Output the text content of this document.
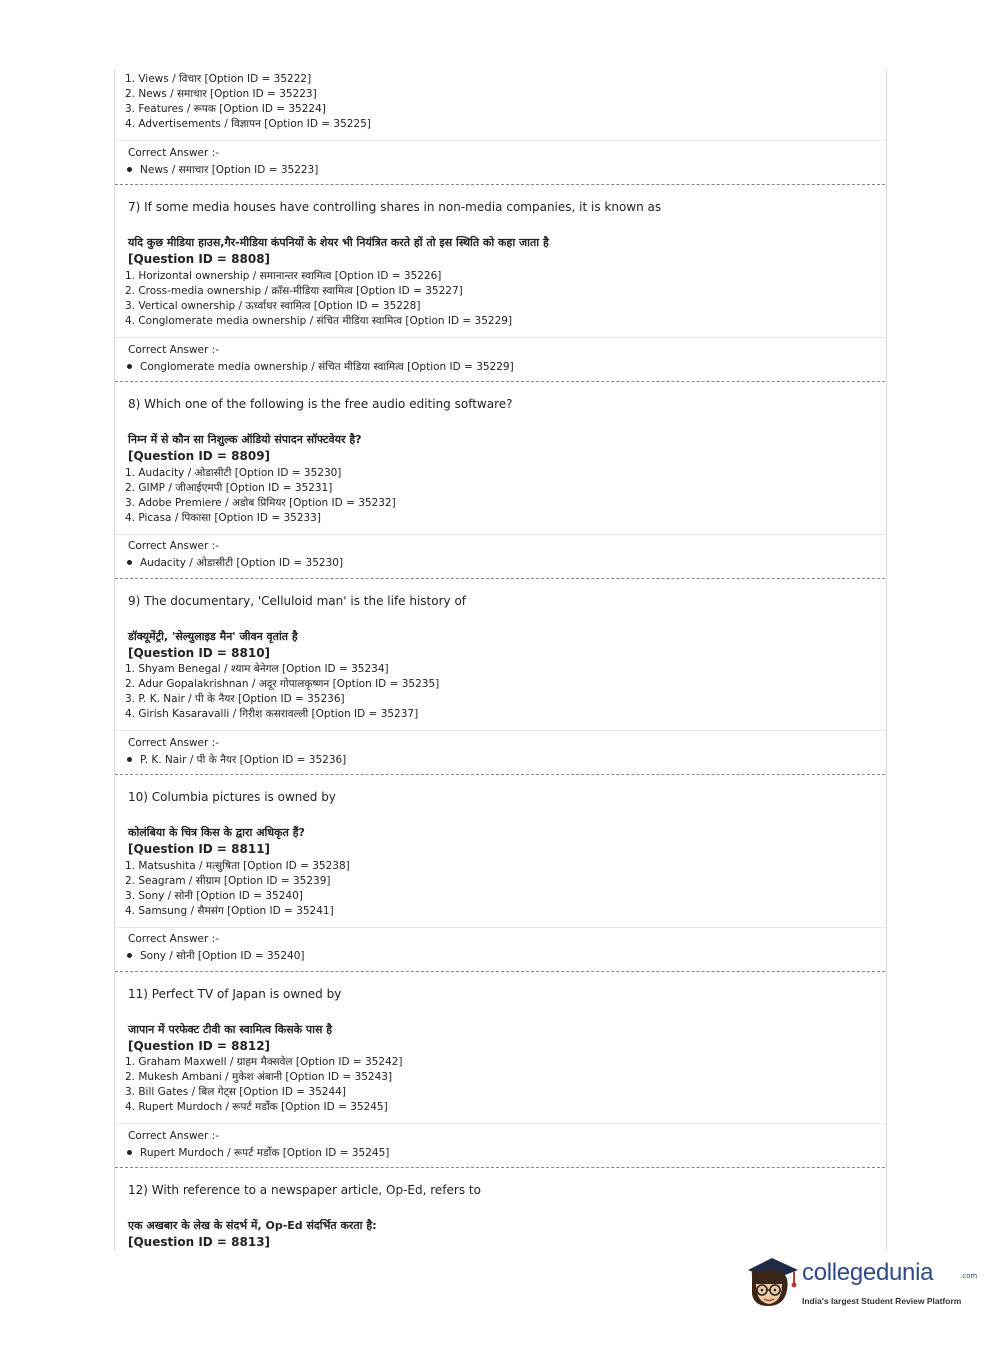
1. Views / विचार [Option ID = 35222]
2. News / समाचार [Option ID = 35223]
3. Features / रूपक [Option ID = 35224]
4. Advertisements / विज्ञापन [Option ID = 35225]
Correct Answer :-
News / समाचार [Option ID = 35223]
7) If some media houses have controlling shares in non-media companies, it is known as
यदि कुछ मीडिया हाउस,गैर-मीडिया कंपनियों के शेयर भी नियंत्रित करते हों तो इस स्थिति को कहा जाता है
[Question ID = 8808]
1. Horizontal ownership / समानान्तर स्वामित्व [Option ID = 35226]
2. Cross-media ownership / क्रॉस-मीडिया स्वामित्व [Option ID = 35227]
3. Vertical ownership / ऊर्ध्वाधर स्वामित्व [Option ID = 35228]
4. Conglomerate media ownership / संचित मीडिया स्वामित्व [Option ID = 35229]
Correct Answer :-
Conglomerate media ownership / संचित मीडिया स्वामित्व [Option ID = 35229]
8) Which one of the following is the free audio editing software?
निम्न में से कौन सा निशुल्क ऑडियो संपादन सॉफ्टवेयर है?
[Question ID = 8809]
1. Audacity / ओडासीटी [Option ID = 35230]
2. GIMP / जीआईएमपी [Option ID = 35231]
3. Adobe Premiere / अडोब प्रिमियर [Option ID = 35232]
4. Picasa / पिकासा [Option ID = 35233]
Correct Answer :-
Audacity / ओडासीटी [Option ID = 35230]
9) The documentary, 'Celluloid man' is the life history of
डॉक्यूमेंट्री, 'सेल्युलाइड मैन' जीवन वृतांत है
[Question ID = 8810]
1. Shyam Benegal / श्याम बेनेगल [Option ID = 35234]
2. Adur Gopalakrishnan / अदूर गोपालकृष्णन [Option ID = 35235]
3. P. K. Nair / पी के नैयर [Option ID = 35236]
4. Girish Kasaravalli / गिरीश कसरावल्ली [Option ID = 35237]
Correct Answer :-
P. K. Nair / पी के नैयर [Option ID = 35236]
10) Columbia pictures is owned by
कोलंबिया के चित्र किस के द्वारा अधिकृत हैं?
[Question ID = 8811]
1. Matsushita / मत्सुषिता [Option ID = 35238]
2. Seagram / सीग्राम [Option ID = 35239]
3. Sony / सोनी [Option ID = 35240]
4. Samsung / सैमसंग [Option ID = 35241]
Correct Answer :-
Sony / सोनी [Option ID = 35240]
11) Perfect TV of Japan is owned by
जापान में परफेक्ट टीवी का स्वामित्व किसके पास है
[Question ID = 8812]
1. Graham Maxwell / ग्राहम मैक्सवेल [Option ID = 35242]
2. Mukesh Ambani / मुकेश अंबानी [Option ID = 35243]
3. Bill Gates / बिल गेट्स [Option ID = 35244]
4. Rupert Murdoch / रूपर्ट मर्डोक [Option ID = 35245]
Correct Answer :-
Rupert Murdoch / रूपर्ट मर्डोक [Option ID = 35245]
12) With reference to a newspaper article, Op-Ed, refers to
एक अखबार के लेख के संदर्भ में, Op-Ed संदर्भित करता है:
[Question ID = 8813]
collegedunia	.com
India's largest Student Review Platform
